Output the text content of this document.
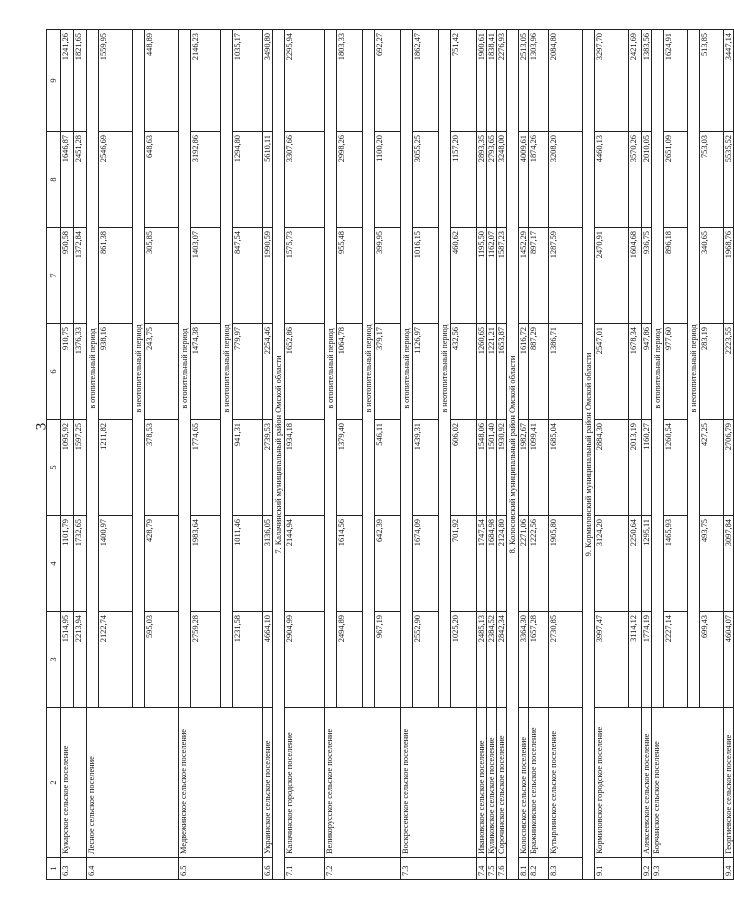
3
1	2	3	4	5	6	7	8	9
6.3	Кукарское сельское поселение	1514,95	1101,79	1095,92	910,75	950,58	1646,87	1241,26
		2213,94	1732,65	1597,25	1376,33	1372,84	2451,28	1821,65
6.4	Лесное сельское поселение	в отопительный период						
		2122,74	1400,97	1211,82	938,16	861,38	2546,69	1559,95
		в неотопительный период						
		595,03	428,79	378,53	243,75	305,85	648,63	448,89
6.5	Медвежинское сельское поселение	в отопительный период						
		2759,28	1983,64	1774,65	1474,38	1403,07	3192,86	2146,23
		в неотопительный период						
		1231,58	1011,46	941,31	779,97	847,54	1294,80	1035,17
6.6	Украинское сельское поселение	4664,10	3136,05	2739,53	2254,46	1990,59	5610,11	3490,80
7. Калачинский муниципальный район Омской области								
7.1	Калачинское городское поселение	2904,99	2144,94	1934,18	1652,86	1575,73	3307,66	2295,94
7.2	Великорусское сельское поселение	в отопительный период						
		2494,89	1614,56	1379,40	1064,78	955,48	2998,26	1803,33
		в неотопительный период						
		967,19	642,39	546,11	379,17	399,95	1100,20	692,27
7.3	Воскресенское сельское поселение	в отопительный период						
		2552,90	1674,09	1439,31	1126,97	1016,15	3055,25	1862,47
		в неотопительный период						
		1025,20	701,92	606,02	432,56	460,62	1157,20	751,42
7.4	Ивановское сельское поселение	2485,13	1747,54	1548,06	1260,65	1195,50	2893,35	1900,61
7.5	Куликовское сельское поселение	2384,52	1684,98	1501,40	1221,21	1162,07	2793,65	1838,41
7.6	Сорочинское сельское поселение	2842,34	2124,80	1930,92	1653,87	1587,23	3248,00	2276,93
8. Колосовский муниципальный район Омской области								
8.1	Колосовское сельское поселение	3364,30	2271,06	1982,67	1616,72	1452,29	4009,61	2513,05
8.2	Бражниковское сельское поселение	1657,28	1222,56	1099,41	887,29	897,17	1874,26	1303,96
8.3	Кутырлинское сельское поселение	2730,85	1905,80	1685,04	1386,71	1287,59	3208,20	2084,80
9. Кормиловский муниципальный район Омской области								
9.1	Кормиловское городское поселение	3997,47	3124,20	2884,30	2547,01	2470,91	4460,13	3297,70
		3114,12	2250,64	2013,19	1678,34	1604,68	3570,26	2421,69
9.2	Алексеевское сельское поселение	1774,19	1295,11	1160,27	947,86	936,75	2010,05	1383,56
9.3	Борчанское сельское поселение	в отопительный период						
		2227,14	1465,93	1260,54	977,60	896,18	2651,09	1624,91
		в неотопительный период						
		699,43	493,75	427,25	283,19	340,65	753,03	513,85
9.4	Георгиевское сельское поселение	4604,07	3097,84	2706,79	2223,55	1968,76	5535,52	3447,14
